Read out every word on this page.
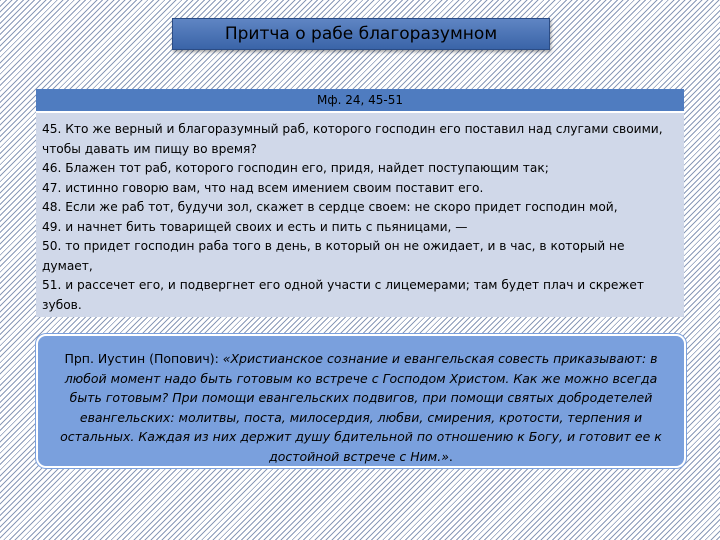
Притча о рабе благоразумном
Мф. 24, 45-51
45. Кто же верный и благоразумный раб, которого господин его поставил над слугами своими, чтобы давать им пищу во время?
46. Блажен тот раб, которого господин его, придя, найдет поступающим так;
47. истинно говорю вам, что над всем имением своим поставит его.
48. Если же раб тот, будучи зол, скажет в сердце своем: не скоро придет господин мой,
49. и начнет бить товарищей своих и есть и пить с пьяницами, —
50. то придет господин раба того в день, в который он не ожидает, и в час, в который не думает,
51. и рассечет его, и подвергнет его одной участи с лицемерами; там будет плач и скрежет зубов.
Прп. Иустин (Попович): «Христианское сознание и евангельская совесть приказывают: в любой момент надо быть готовым ко встрече с Господом Христом. Как же можно всегда быть готовым? При помощи евангельских подвигов, при помощи святых добродетелей евангельских: молитвы, поста, милосердия, любви, смирения, кротости, терпения и остальных. Каждая из них держит душу бдительной по отношению к Богу, и готовит ее к достойной встрече с Ним.».
